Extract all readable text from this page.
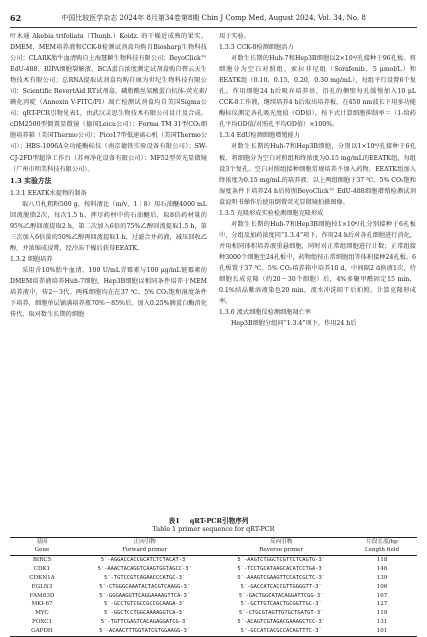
62	中国比较医学杂志 2024年 8月第34卷第8期 Chin J Comp Med, August 2024, Vol. 34, No. 8

叶木通 Akebia trifoliata（Thunb.）Koidz. 的干燥近成熟的果实。DMEM、MEM培养液和CCK-8检测试剂盒均购自Biosharp生物科技公司；CLARK胎牛血清购自上海慧颖生物科技有限公司；BeyoClick™ EdU-488、RIPA细胞裂解液、BCA蛋白浓度测定试剂盒购自碧云天生物技术有限公司；总RNA提取试剂盒均购自康为世纪生物科技有限公司；Scientific RevertAid RT试剂盒、磷脂酰丝氨酸蛋白抗体-荧光素/碘化丙啶（Annexin V-FITC/PI）凋亡检测试剂盒均自美国Sigma公司；qRT-PCR引物见表1，由武汉灵思生物技术有限公司设计及合成。cDM2500型倒置显微镜（德国Leica公司）；Forma TM 31型CO₂细胞培养箱（美国Thermo公司）；Pico17型低速离心机（美国Thermo公司）；HBS-1096A全功能酶标仪（南京德铁实验设备有限公司）；SW-CJ-2FD型超净工作台（苏州净化设备有限公司）；MF52型荧光显微镜（广州市明美科技有限公司）。

1.3 实验方法

1.3.1 EEATK水提物的制备

取八月札粗粉500 g，按料液比（m/v，1∶8）用石油醚4000 mL回流脱脂2次，每次1.5 h，挥尽药材中的石油醚后，取8倍药材量的95%乙醇回流提取2 h，第二次加入6倍的75%乙醇回流提取1.5 h，第三次加入6倍量的50%乙醇再回流提取1 h，过滤合并药液，减压回收乙醇，并浓缩成浸膏，经冷冻干燥后获得EEATK。

1.3.2 细胞培养

采用含10%胎牛血清、100 U/mL青霉素与100 μg/mL链霉素的DMEM培养液培养Huh-7细胞，Hep3B细胞以相同条件培养于MEM培养液中，传2～3代。两株细胞均在在37 ℃、5% CO₂饱和湿度条件下培养，细胞单层铺满培养瓶70%～85%后，加入0.25%胰蛋白酶消化传代，取对数生长期的细胞

用于实验。

1.3.3 CCK-8检测细胞活力

对数生长期的Huh-7和Hep3B细胞以2×10⁴/孔接种于96孔板。将细胞分为空白对照组、索拉非尼组（Sorafenib，5 μmol/L）和EEATK组（0.10，0.15，0.20，0.30 mg/mL），每组平行设置6个复孔。作用细胞24 h后吸弃培养基，沿孔的侧壁每孔缓慢加入10 μL CCK-8工作液，继续培养4 h后取出培养板，在450 nm波长下用多功能酶标仪测定各孔吸光度值（OD值），按下式计算细胞抑制率＝（1-给药孔平均OD值/对照孔平均OD值）×100%。

1.3.4 EdU检测细胞增殖能力

对数生长期的Huh-7和Hep3B细胞，分别以1×10⁶/孔接种于6孔板，将细胞分为空白对照组和终浓度为0.15 mg/mL的EEATK组，每组设3个复孔。空白对照组接种细胞常规培养不加入药物，EEATK组加入终浓度为0.15 mg/mL的培养液；以上两组细胞于37 ℃、5% CO₂饱和湿度条件下培养24 h后按照BeyoClick™ EdU-488细胞增殖检测试剂盒说明书操作后使用倒置荧光显微镜拍摄图像。

1.3.5 克隆形成实验检测细胞克隆形成

对数生长期的Huh-7和Hep3B细胞按1×10⁶/孔分别接种于6孔板中，分组及加药浓度同“1.3.4”项下，作用24 h后对各孔细胞进行消化，并用相同体积培养液重悬细胞，同时对正常组细胞进行计数；正常组接种3000个细胞至24孔板中，药物组按正常细胞组等体积接种24孔板。6孔板置于37 ℃、5% CO₂培养箱中培养10 d，中间隔2 d换液1次，待细胞长成克隆（约20～30个细胞）后，4%多聚甲醛固定15 min，0.1%结晶紫溶液染色20 min，流水冲洗晾干后拍照，计算克隆形成率。

1.3.6 流式细胞仪检测细胞凋亡率

Hep3B细胞分组同“1.3.4”项下，作用24 h后

表1 qRT-PCR引物序列
Table 1 primer sequence for qRT-PCR
基因	正向引物	反向引物	片段长度/bp
Gene	Forward primer	Reverse primer	Length field
BIRC5	5′-AGGACCACCGCATCTCTACAT-3′	5′-AAGTCTGGCTCGTTCTCAGTG-3′	118
CDK1	5′-AAACTACAGGTCAAGTGGTAGCC-3′	5′-TCCTGCATAAGCACATCCTGA-3′	148
CDKN1A	5′-TGTCCGTCAGAACCCATGC-3′	5′-AAAGTCGAAGTTCCATCGCTC-3′	139
EGLN3	5′-CTGGGCAAATACTACGTCAAGG-3′	5′-GACCATCACCGTTGGGGTT-3′	106
FAM83D	5′-GGGAAGGTTCAGGAAAAGTTCA-3′	5′-GACTGGCATACAGGATTCGG-3′	167
MKI-67	5′-GCCTGTCGCCGCCGCAAGA-3′	5′-GCTTGTCAACTGCGGTTGC-3′	127
MYC	5′-GGCTCCTGGCAAAAGGTCA-3′	5′-CTGCGTAGTTGTGCTGATGT-3′	119
FOXC1	5′-TGTTCGAGTCACAGAGGATCG-3′	5′-ACAGTCGTAGACGAAAGCTCC-3′	131
GAPDH	5′-ACAACTTTGGTATCGTGGAAGG-3′	5′-GCCATCACGCCACAGTTTC-3′	101
